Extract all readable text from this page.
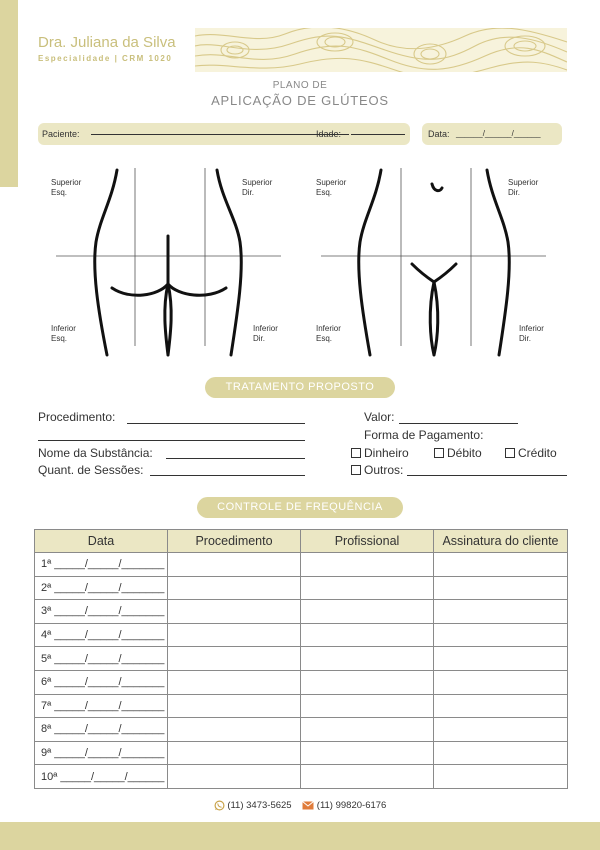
Dra. Juliana da Silva
Especialidade | CRM 1020
PLANO DE
APLICAÇÃO DE GLÚTEOS
Paciente:	Idade:	Data: ______/______/______
Superior
Esq.
Superior
Dir.
Inferior
Esq.
Inferior
Dir.
Superior
Esq.
Superior
Dir.
Inferior
Esq.
Inferior
Dir.
TRATAMENTO PROPOSTO
Procedimento:
Nome da Substância:
Quant. de Sessões:
Valor:
Forma de Pagamento:
Dinheiro	Débito	Crédito
Outros:
CONTROLE DE FREQUÊNCIA
Data	Procedimento	Profissional	Assinatura do cliente
1ª _____/_____/_______			
2ª _____/_____/_______			
3ª _____/_____/_______			
4ª _____/_____/_______			
5ª _____/_____/_______			
6ª _____/_____/_______			
7ª _____/_____/_______			
8ª _____/_____/_______			
9ª _____/_____/_______			
10ª _____/_____/______			
(11) 3473-5625	(11) 99820-6176
